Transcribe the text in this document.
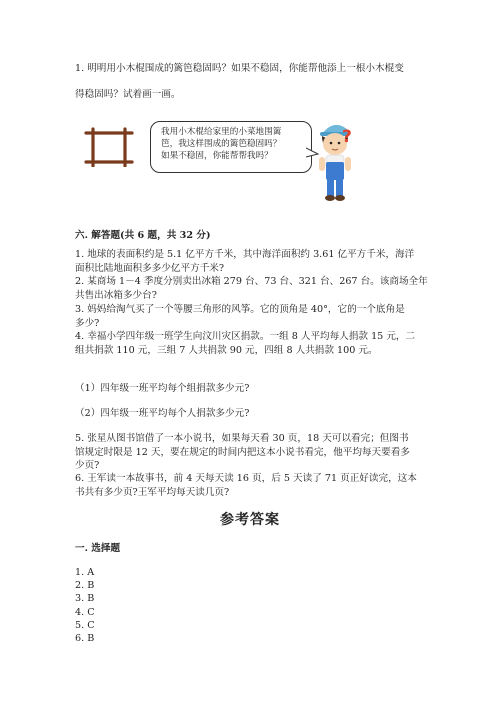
1. 明明用小木棍围成的篱笆稳固吗？如果不稳固，你能帮他添上一根小木棍变
得稳固吗？试着画一画。
我用小木棍给家里的小菜地围篱
笆，我这样围成的篱笆稳固吗？
如果不稳固，你能帮帮我吗？
?
六. 解答题(共 6 题，共 32 分)
1. 地球的表面积约是 5.1 亿平方千米，其中海洋面积约 3.61 亿平方千米，海洋
面积比陆地面积多多少亿平方千米?
2. 某商场 1－4 季度分别卖出冰箱 279 台、73 台、321 台、267 台。该商场全年
共售出冰箱多少台?
3. 妈妈给淘气买了一个等腰三角形的风筝。它的顶角是 40°，它的一个底角是
多少?
4. 幸福小学四年级一班学生向汶川灾区捐款。一组 8 人平均每人捐款 15 元，二
组共捐款 110 元，三组 7 人共捐款 90 元，四组 8 人共捐款 100 元。
（1）四年级一班平均每个组捐款多少元?
（2）四年级一班平均每个人捐款多少元?
5. 张星从图书馆借了一本小说书，如果每天看 30 页，18 天可以看完；但图书
馆规定时限是 12 天，要在规定的时间内把这本小说书看完，他平均每天要看多
少页?
6. 王军读一本故事书，前 4 天每天读 16 页，后 5 天读了 71 页正好读完，这本
书共有多少页?王军平均每天读几页?
参考答案
一. 选择题
1. A
2. B
3. B
4. C
5. C
6. B
